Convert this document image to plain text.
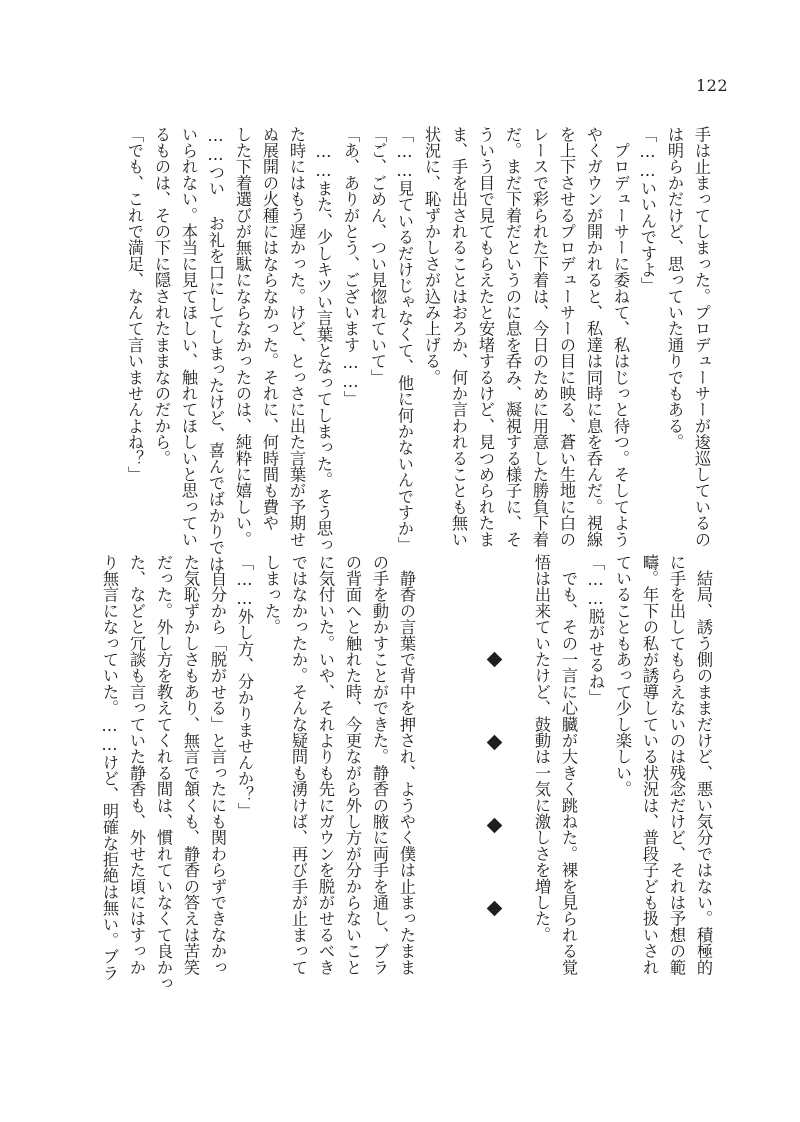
122
手は止まってしまった。プロデューサーが逡巡しているの
は明らかだけど、思っていた通りでもある。
「……いいんですよ」
　プロデューサーに委ねて、私はじっと待つ。そしてよう
やくガウンが開かれると、私達は同時に息を呑んだ。視線
を上下させるプロデューサーの目に映る、蒼い生地に白の
レースで彩られた下着は、今日のために用意した勝負下着
だ。まだ下着だというのに息を呑み、凝視する様子に、そ
ういう目で見てもらえたと安堵するけど、見つめられたま
ま、手を出されることはおろか、何か言われることも無い
状況に、恥ずかしさが込み上げる。
「……見ているだけじゃなくて、他に何かないんですか」
「ご、ごめん、つい見惚れていて」
「あ、ありがとう、ございます……」
　……また、少しキツい言葉となってしまった。そう思っ
た時にはもう遅かった。けど、とっさに出た言葉が予期せ
ぬ展開の火種にはならなかった。それに、何時間も費や
した下着選びが無駄にならなかったのは、純粋に嬉しい。
……つい お礼を口にしてしまったけど、喜んでばかりでは
いられない。本当に見てほしい、触れてほしいと思ってい
るものは、その下に隠されたままなのだから。
「でも、これで満足、なんて言いませんよね？」
　結局、誘う側のままだけど、悪い気分ではない。積極的
に手を出してもらえないのは残念だけど、それは予想の範
疇。年下の私が誘導している状況は、普段子ども扱いされ
ていることもあって少し楽しい。
「……脱がせるね」
　でも、その一言に心臓が大きく跳ねた。裸を見られる覚
悟は出来ていたけど、鼓動は一気に激しさを増した。

　静香の言葉で背中を押され、ようやく僕は止まったまま
の手を動かすことができた。静香の腋に両手を通し、ブラ
の背面へと触れた時、今更ながら外し方が分からないこと
に気付いた。いや、それよりも先にガウンを脱がせるべき
ではなかったか。そんな疑問も湧けば、再び手が止まって
しまった。
「……外し方、分かりませんか？」
　自分から「脱がせる」と言ったにも関わらずできなかっ
た気恥ずかしさもあり、無言で頷くも、静香の答えは苦笑
だった。外し方を教えてくれる間は、慣れていなくて良かっ
た、などと冗談も言っていた静香も、外せた頃にはすっか
り無言になっていた。……けど、明確な拒絶は無い。ブラ
